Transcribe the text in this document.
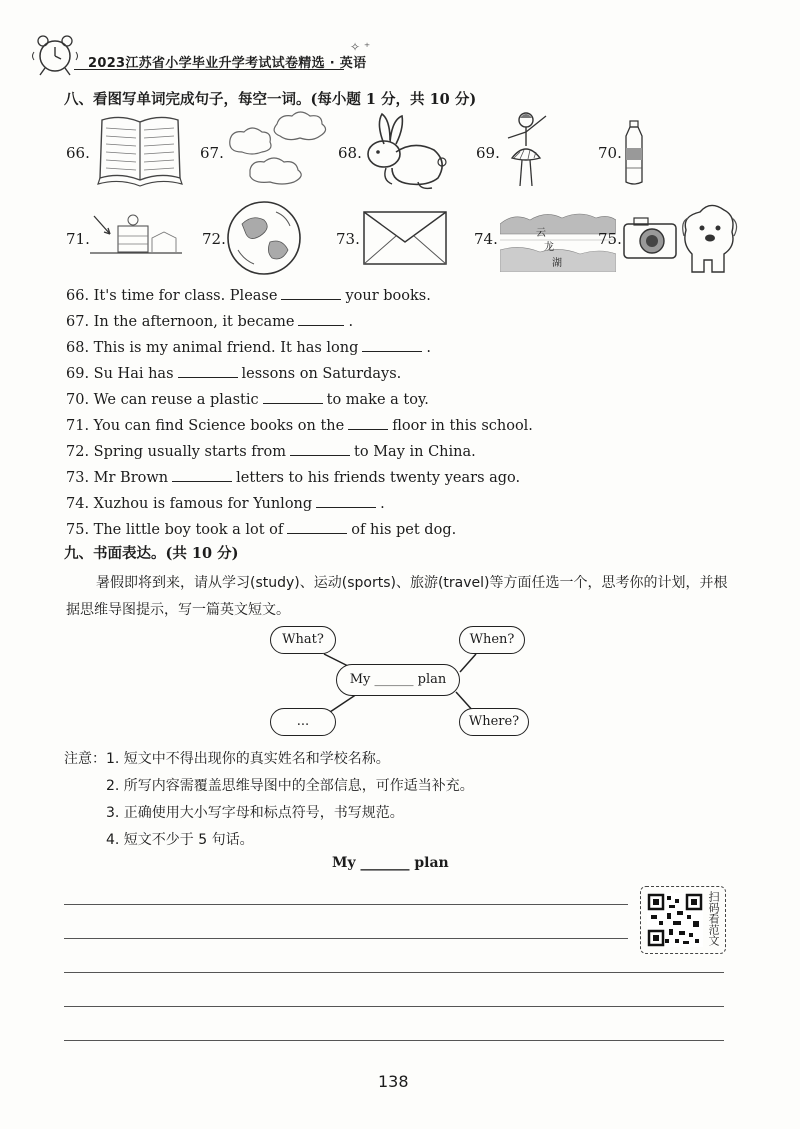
2023江苏省小学毕业升学考试试卷精选 · 英语
✧ ⁺
八、看图写单词完成句子，每空一词。(每小题 1 分，共 10 分)
66.	67.	68.	69.	70.
71.	72.	73.	74.	云
龙
湖
75.
66. It's time for class. Please	your books.
67. In the afternoon, it became	.
68. This is my animal friend. It has long	.
69. Su Hai has	lessons on Saturdays.
70. We can reuse a plastic	to make a toy.
71. You can find Science books on the	floor in this school.
72. Spring usually starts from	to May in China.
73. Mr Brown	letters to his friends twenty years ago.
74. Xuzhou is famous for Yunlong	.
75. The little boy took a lot of	of his pet dog.
九、书面表达。(共 10 分)
暑假即将到来，请从学习(study)、运动(sports)、旅游(travel)等方面任选一个，思考你的计划，并根据思维导图提示，写一篇英文短文。
What?	When?
My ______ plan
...	Where?
注意：1. 短文中不得出现你的真实姓名和学校名称。
2. 所写内容需覆盖思维导图中的全部信息，可作适当补充。
3. 正确使用大小写字母和标点符号，书写规范。
4. 短文不少于 5 句话。
My _______ plan
扫码看范文
138
